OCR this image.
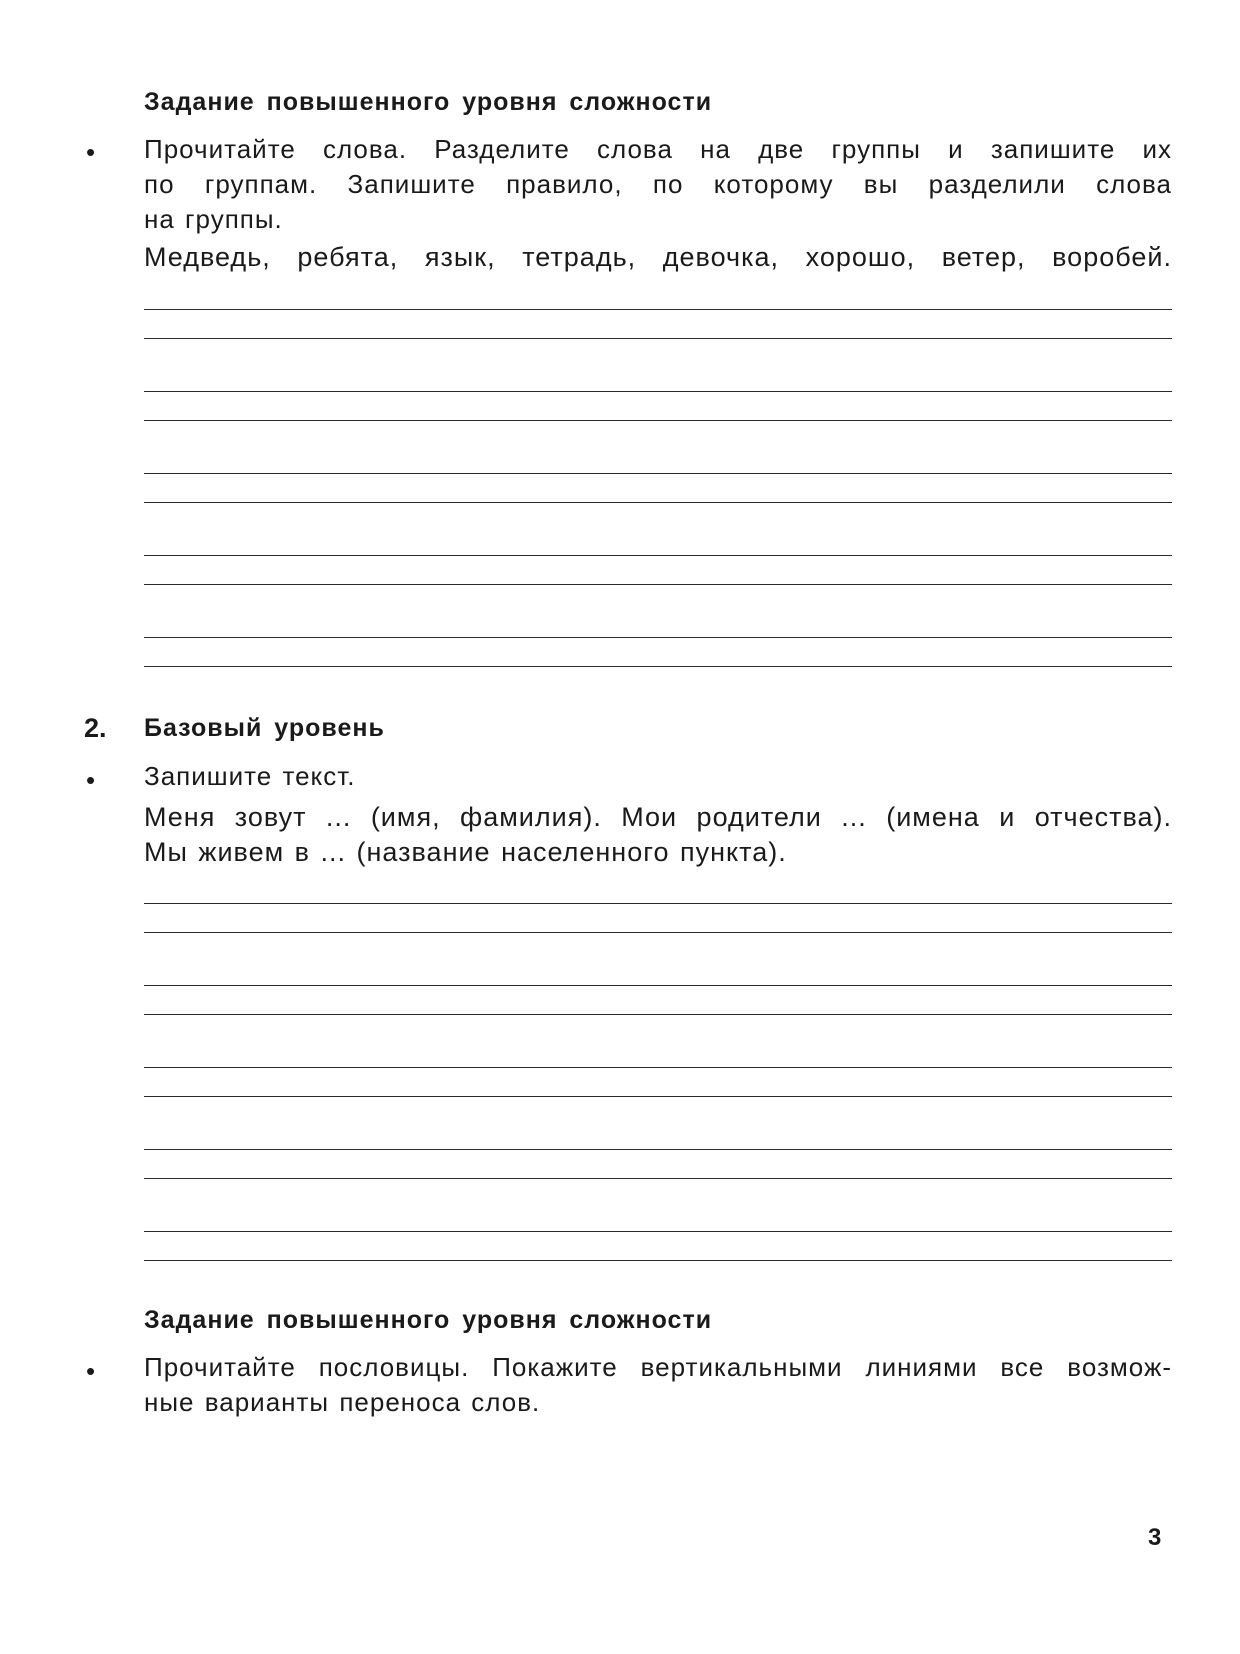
Задание повышенного уровня сложности
• Прочитайте слова. Разделите слова на две группы и запишите их
по группам. Запишите правило, по которому вы разделили слова
на группы.
Медведь, ребята, язык, тетрадь, девочка, хорошо, ветер, воробей.
2. Базовый уровень
• Запишите текст.
Меня зовут ... (имя, фамилия). Мои родители ... (имена и отчества).
Мы живем в ... (название населенного пункта).
Задание повышенного уровня сложности
• Прочитайте пословицы. Покажите вертикальными линиями все возмож-
ные варианты переноса слов.
3
